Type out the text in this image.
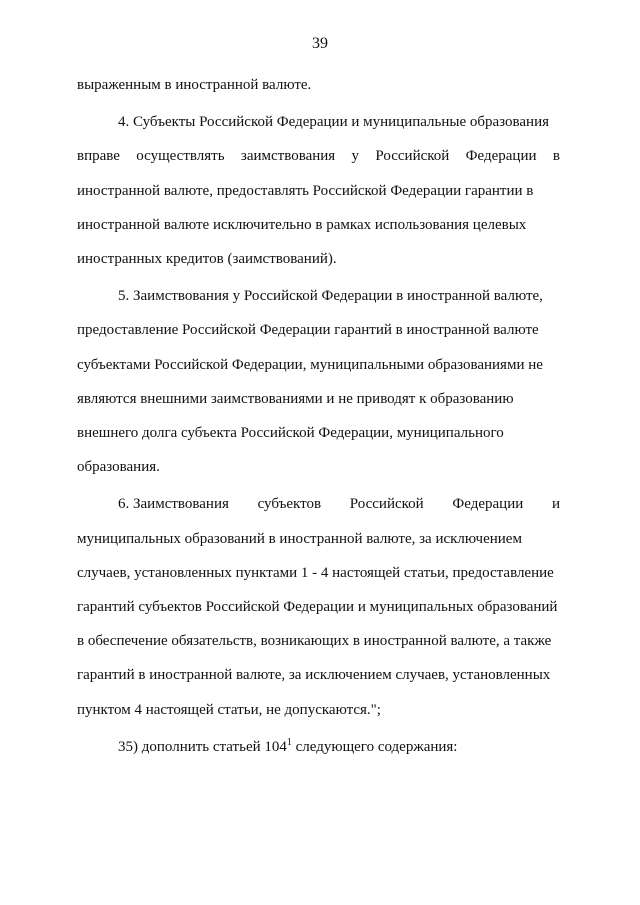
39
выраженным в иностранной валюте.
4. Субъекты Российской Федерации и муниципальные образования
вправе осуществлять заимствования у Российской Федерации в
иностранной валюте, предоставлять Российской Федерации гарантии в
иностранной валюте исключительно в рамках использования целевых
иностранных кредитов (заимствований).
5. Заимствования у Российской Федерации в иностранной валюте,
предоставление Российской Федерации гарантий в иностранной валюте
субъектами Российской Федерации, муниципальными образованиями не
являются внешними заимствованиями и не приводят к образованию
внешнего долга субъекта Российской Федерации, муниципального
образования.
6. Заимствования субъектов Российской Федерации и
муниципальных образований в иностранной валюте, за исключением
случаев, установленных пунктами 1 - 4 настоящей статьи, предоставление
гарантий субъектов Российской Федерации и муниципальных образований
в обеспечение обязательств, возникающих в иностранной валюте, а также
гарантий в иностранной валюте, за исключением случаев, установленных
пунктом 4 настоящей статьи, не допускаются.";
35) дополнить статьей $104^1$ следующего содержания:
